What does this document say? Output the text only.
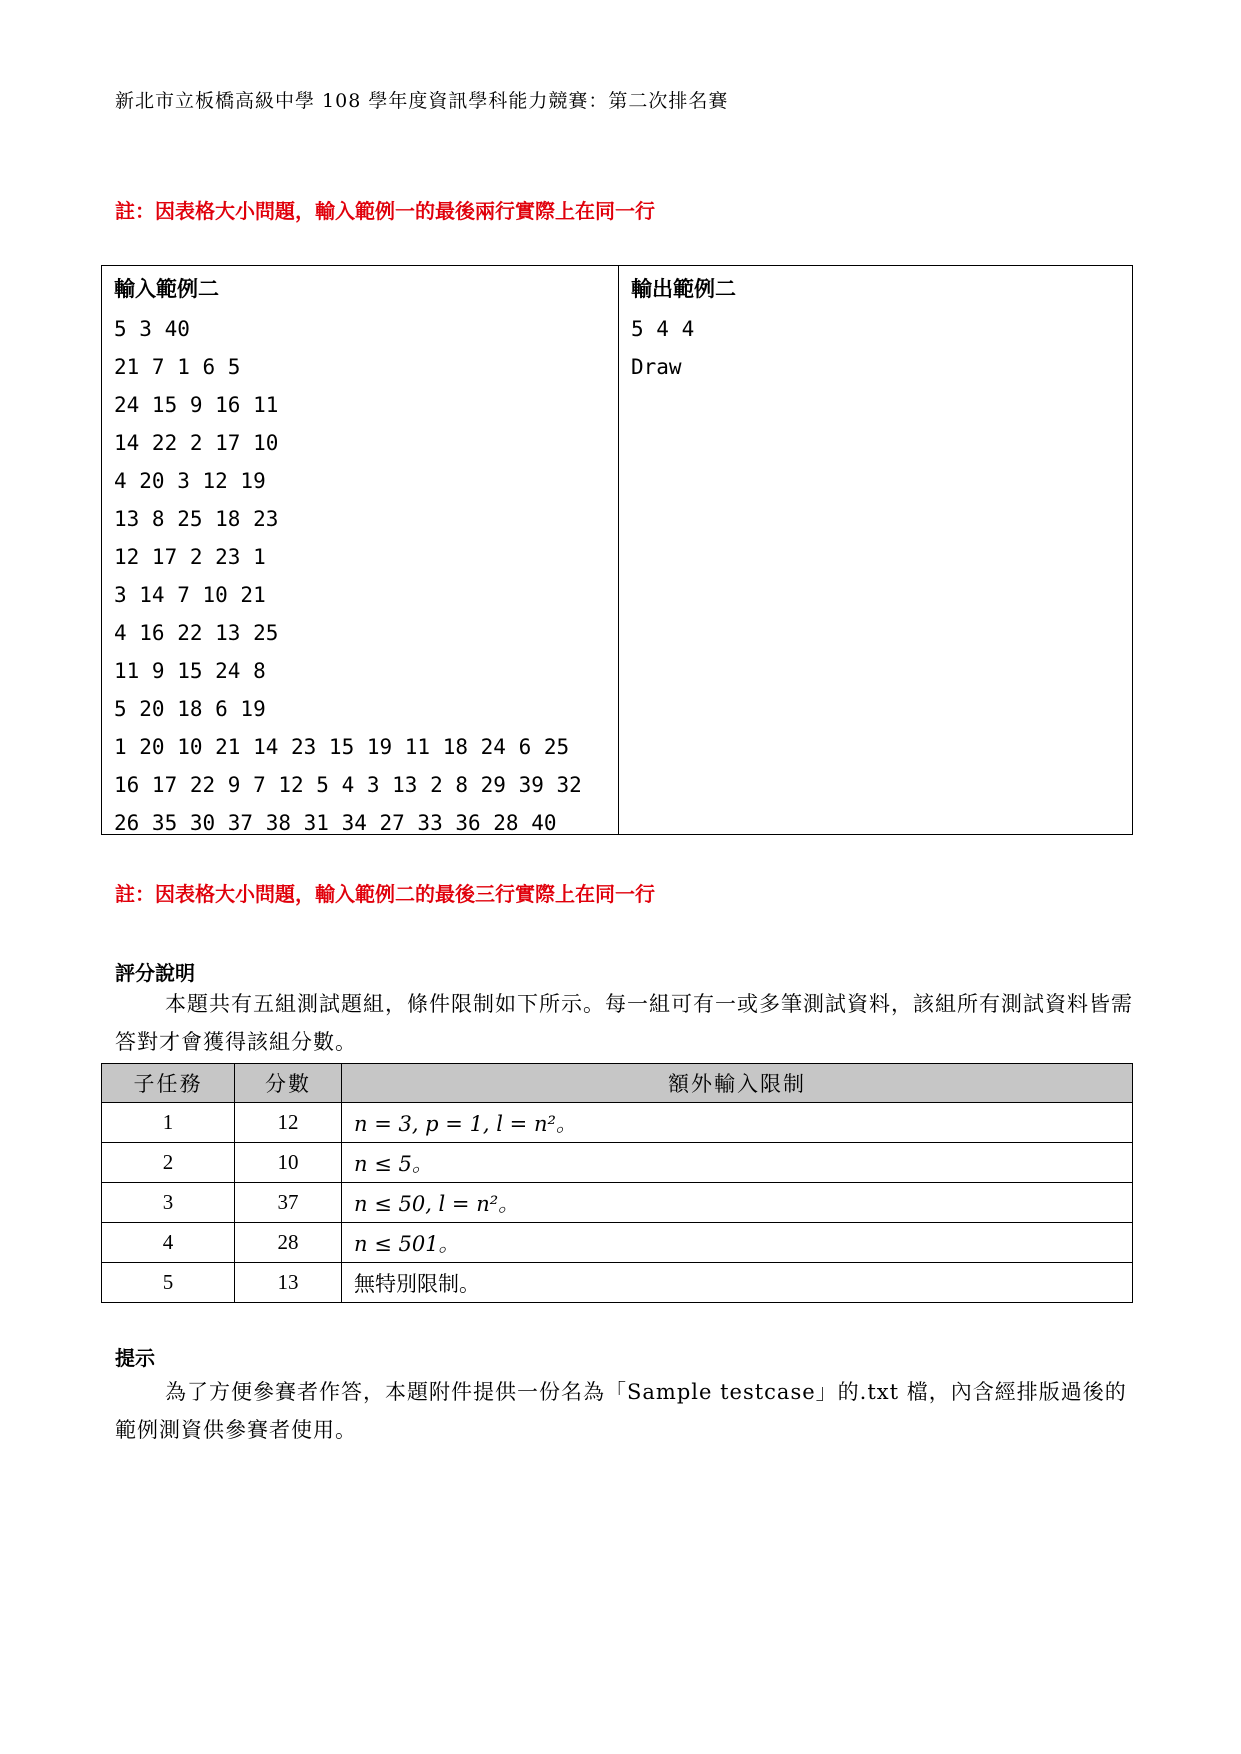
新北市立板橋高級中學 108 學年度資訊學科能力競賽：第二次排名賽
註：因表格大小問題，輸入範例一的最後兩行實際上在同一行
輸入範例二
5 3 40
21 7 1 6 5
24 15 9 16 11
14 22 2 17 10
4 20 3 12 19
13 8 25 18 23
12 17 2 23 1
3 14 7 10 21
4 16 22 13 25
11 9 15 24 8
5 20 18 6 19
1 20 10 21 14 23 15 19 11 18 24 6 25
16 17 22 9 7 12 5 4 3 13 2 8 29 39 32
26 35 30 37 38 31 34 27 33 36 28 40
輸出範例二
5 4 4
Draw
註：因表格大小問題，輸入範例二的最後三行實際上在同一行
評分說明
本題共有五組測試題組，條件限制如下所示。每一組可有一或多筆測試資料，該組所有測試資料皆需答對才會獲得該組分數。
子任務	分數	額外輸入限制
1	12	n = 3, p = 1, l = n²。
2	10	n ≤ 5。
3	37	n ≤ 50, l = n²。
4	28	n ≤ 501。
5	13	無特別限制。
提示
為了方便參賽者作答，本題附件提供一份名為「Sample testcase」的.txt 檔，內含經排版過後的範例測資供參賽者使用。
